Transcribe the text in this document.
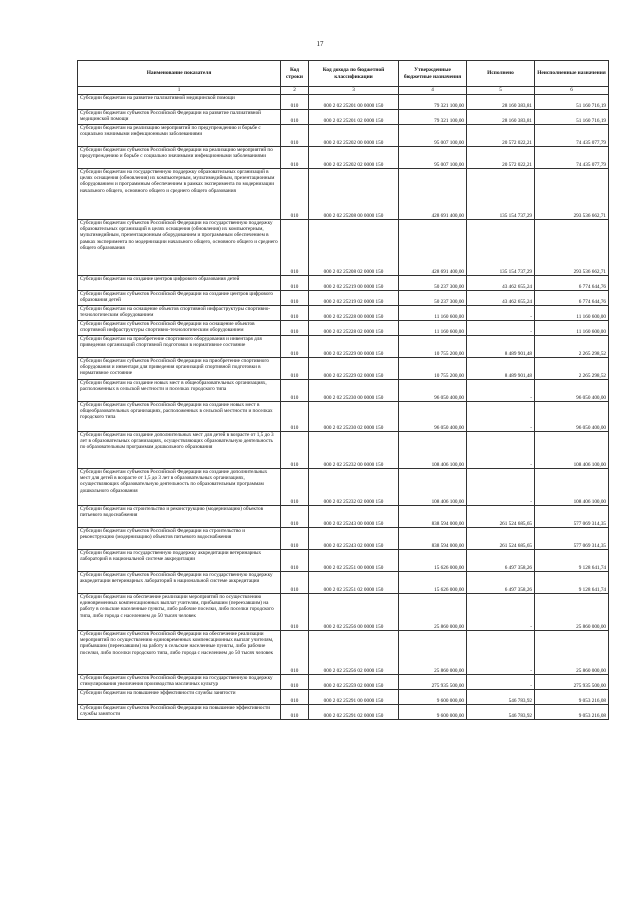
17
Наименование показателя	Код строки	Код дохода по бюджетной классификации	Утвержденные бюджетные назначения	Исполнено	Неисполненные назначения
1	2	3	4	5	6
Субсидии бюджетам на развитие паллиативной медицинской помощи	010	000 2 02 25201 00 0000 150	79 321 100,00	28 160 383,81	51 160 716,19
Субсидии бюджетам субъектов Российской Федерации на развитие паллиативной медицинской помощи	010	000 2 02 25201 02 0000 150	79 321 100,00	28 160 383,81	51 160 716,19
Субсидии бюджетам на реализацию мероприятий по предупреждению и борьбе с социально значимыми инфекционными заболеваниями	010	000 2 02 25202 00 0000 150	95 007 100,00	20 572 022,21	74 435 077,79
Субсидии бюджетам субъектов Российской Федерации на реализацию мероприятий по предупреждению и борьбе с социально значимыми инфекционными заболеваниями	010	000 2 02 25202 02 0000 150	95 007 100,00	20 572 022,21	74 435 077,79
Субсидии бюджетам на государственную поддержку образовательных организаций в целях оснащения (обновления) их компьютерным, мультимедийным, презентационным оборудованием и программным обеспечением в рамках эксперимента по модернизации начального общего, основного общего и среднего общего образования	010	000 2 02 25208 00 0000 150	428 691 400,00	135 154 737,29	293 536 662,71
Субсидии бюджетам субъектов Российской Федерации на государственную поддержку образовательных организаций в целях оснащения (обновления) их компьютерным, мультимедийным, презентационным оборудованием и программным обеспечением в рамках эксперимента по модернизации начального общего, основного общего и среднего общего образования	010	000 2 02 25208 02 0000 150	428 691 400,00	135 154 737,29	293 536 662,71
Субсидии бюджетам на создание центров цифрового образования детей	010	000 2 02 25219 00 0000 150	50 237 300,00	43 462 655,24	6 774 644,76
Субсидии бюджетам субъектов Российской Федерации на создание центров цифрового образования детей	010	000 2 02 25219 02 0000 150	50 237 300,00	43 462 655,24	6 774 644,76
Субсидии бюджетам на оснащение объектов спортивной инфраструктуры спортивно-технологическим оборудованием	010	000 2 02 25228 00 0000 150	11 160 600,00	-	11 160 600,00
Субсидии бюджетам субъектов Российской Федерации на оснащение объектов спортивной инфраструктуры спортивно-технологическим оборудованием	010	000 2 02 25228 02 0000 150	11 160 600,00	-	11 160 600,00
Субсидии бюджетам на приобретение спортивного оборудования и инвентаря для приведения организаций спортивной подготовки в нормативное состояние	010	000 2 02 25229 00 0000 150	10 755 200,00	8 489 901,48	2 265 298,52
Субсидии бюджетам субъектов Российской Федерации на приобретение спортивного оборудования и инвентаря для приведения организаций спортивной подготовки в нормативное состояние	010	000 2 02 25229 02 0000 150	10 755 200,00	8 489 901,48	2 265 298,52
Субсидии бюджетам на создание новых мест в общеобразовательных организациях, расположенных в сельской местности и поселках городского типа	010	000 2 02 25230 00 0000 150	96 050 400,00	-	96 050 400,00
Субсидии бюджетам субъектов Российской Федерации на создание новых мест в общеобразовательных организациях, расположенных в сельской местности и поселках городского типа	010	000 2 02 25230 02 0000 150	96 050 400,00	-	96 050 400,00
Субсидии бюджетам на создание дополнительных мест для детей в возрасте от 1,5 до 3 лет в образовательных организациях, осуществляющих образовательную деятельность по образовательным программам дошкольного образования	010	000 2 02 25232 00 0000 150	108 406 100,00	-	108 406 100,00
Субсидии бюджетам субъектов Российской Федерации на создание дополнительных мест для детей в возрасте от 1,5 до 3 лет в образовательных организациях, осуществляющих образовательную деятельность по образовательным программам дошкольного образования	010	000 2 02 25232 02 0000 150	108 406 100,00	-	108 406 100,00
Субсидии бюджетам на строительство и реконструкцию (модернизацию) объектов питьевого водоснабжения	010	000 2 02 25243 00 0000 150	838 594 000,00	261 524 685,65	577 069 314,35
Субсидии бюджетам субъектов Российской Федерации на строительство и реконструкцию (модернизацию) объектов питьевого водоснабжения	010	000 2 02 25243 02 0000 150	838 594 000,00	261 524 685,65	577 069 314,35
Субсидии бюджетам на государственную поддержку аккредитации ветеринарных лабораторий в национальной системе аккредитации	010	000 2 02 25251 00 0000 150	15 626 000,00	6 497 358,26	9 128 641,74
Субсидии бюджетам субъектов Российской Федерации на государственную поддержку аккредитации ветеринарных лабораторий в национальной системе аккредитации	010	000 2 02 25251 02 0000 150	15 626 000,00	6 497 358,26	9 128 641,74
Субсидии бюджетам на обеспечение реализации мероприятий по осуществлению единовременных компенсационных выплат учителям, прибывшим (переехавшим) на работу в сельские населенные пункты, либо рабочие поселки, либо поселки городского типа, либо города с населением до 50 тысяч человек	010	000 2 02 25256 00 0000 150	25 860 000,00	-	25 860 000,00
Субсидии бюджетам субъектов Российской Федерации на обеспечение реализации мероприятий по осуществлению единовременных компенсационных выплат учителям, прибывшим (переехавшим) на работу в сельские населенные пункты, либо рабочие поселки, либо поселки городского типа, либо города с населением до 50 тысяч человек	010	000 2 02 25256 02 0000 150	25 860 000,00	-	25 860 000,00
Субсидии бюджетам субъектов Российской Федерации на государственную поддержку стимулирования увеличения производства масличных культур	010	000 2 02 25259 02 0000 150	275 935 500,00	-	275 935 500,00
Субсидии бюджетам на повышение эффективности службы занятости	010	000 2 02 25291 00 0000 150	9 600 000,00	546 783,92	9 053 216,08
Субсидии бюджетам субъектов Российской Федерации на повышение эффективности службы занятости	010	000 2 02 25291 02 0000 150	9 600 000,00	546 783,92	9 053 216,08
